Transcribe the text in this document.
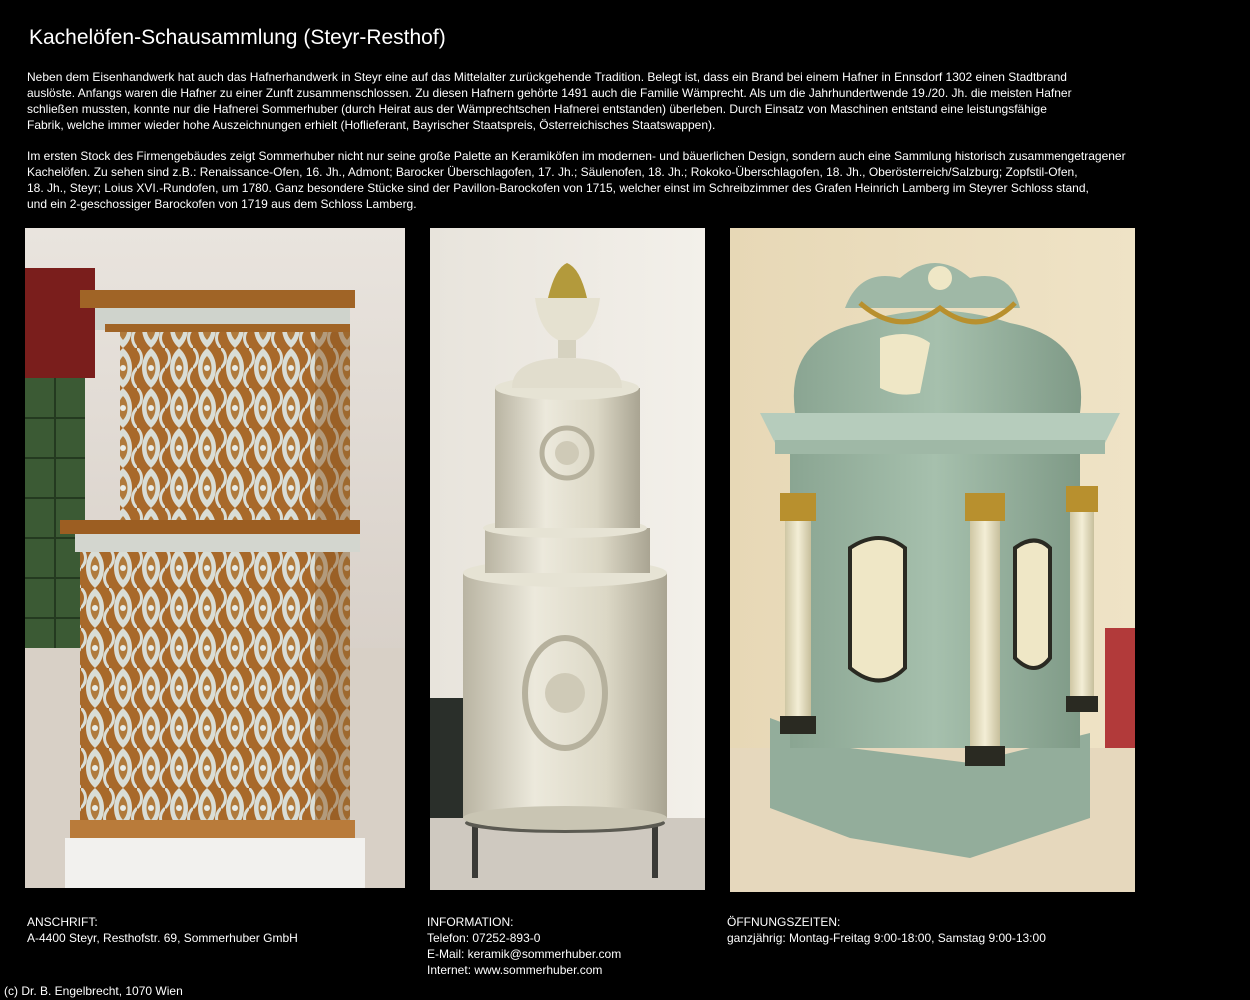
Kachelöfen-Schausammlung (Steyr-Resthof)
Neben dem Eisenhandwerk hat auch das Hafnerhandwerk in Steyr eine auf das Mittelalter zurückgehende Tradition. Belegt ist, dass ein Brand bei einem Hafner in Ennsdorf 1302 einen Stadtbrand
auslöste. Anfangs waren die Hafner zu einer Zunft zusammenschlossen. Zu diesen Hafnern gehörte 1491 auch die Familie Wämprecht. Als um die Jahrhundertwende 19./20. Jh. die meisten Hafner
schließen mussten, konnte nur die Hafnerei Sommerhuber (durch Heirat aus der Wämprechtschen Hafnerei entstanden) überleben. Durch Einsatz von Maschinen entstand eine leistungsfähige
Fabrik, welche immer wieder hohe Auszeichnungen erhielt (Hoflieferant, Bayrischer Staatspreis, Österreichisches Staatswappen).
Im ersten Stock des Firmengebäudes zeigt Sommerhuber nicht nur seine große Palette an Keramiköfen im modernen- und bäuerlichen Design, sondern auch eine Sammlung historisch zusammengetragener
Kachelöfen. Zu sehen sind z.B.: Renaissance-Ofen, 16. Jh., Admont; Barocker Überschlagofen, 17. Jh.; Säulenofen, 18. Jh.; Rokoko-Überschlagofen, 18. Jh., Oberösterreich/Salzburg; Zopfstil-Ofen,
18. Jh., Steyr; Loius XVI.-Rundofen, um 1780. Ganz besondere Stücke sind der Pavillon-Barockofen von 1715, welcher einst im Schreibzimmer des Grafen Heinrich Lamberg im Steyrer Schloss stand,
und ein 2-geschossiger Barockofen von 1719 aus dem Schloss Lamberg.
ANSCHRIFT:
A-4400 Steyr, Resthofstr. 69, Sommerhuber GmbH
INFORMATION:
Telefon: 07252-893-0
E-Mail: keramik@sommerhuber.com
Internet: www.sommerhuber.com
ÖFFNUNGSZEITEN:
ganzjährig: Montag-Freitag 9:00-18:00, Samstag 9:00-13:00
(c) Dr. B. Engelbrecht, 1070 Wien
